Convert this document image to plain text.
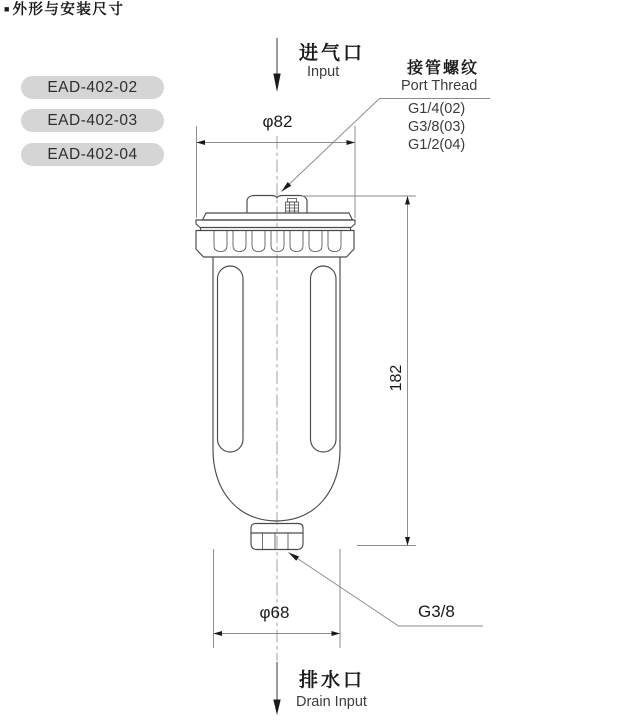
■ 外形与安装尺寸
EAD-402-02
EAD-402-03
EAD-402-04
进气口
Input	接管螺纹
Port Thread
G1/4(02)
G3/8(03)
G1/2(04)
φ82
182
φ68	G3/8
排水口
Drain Input
